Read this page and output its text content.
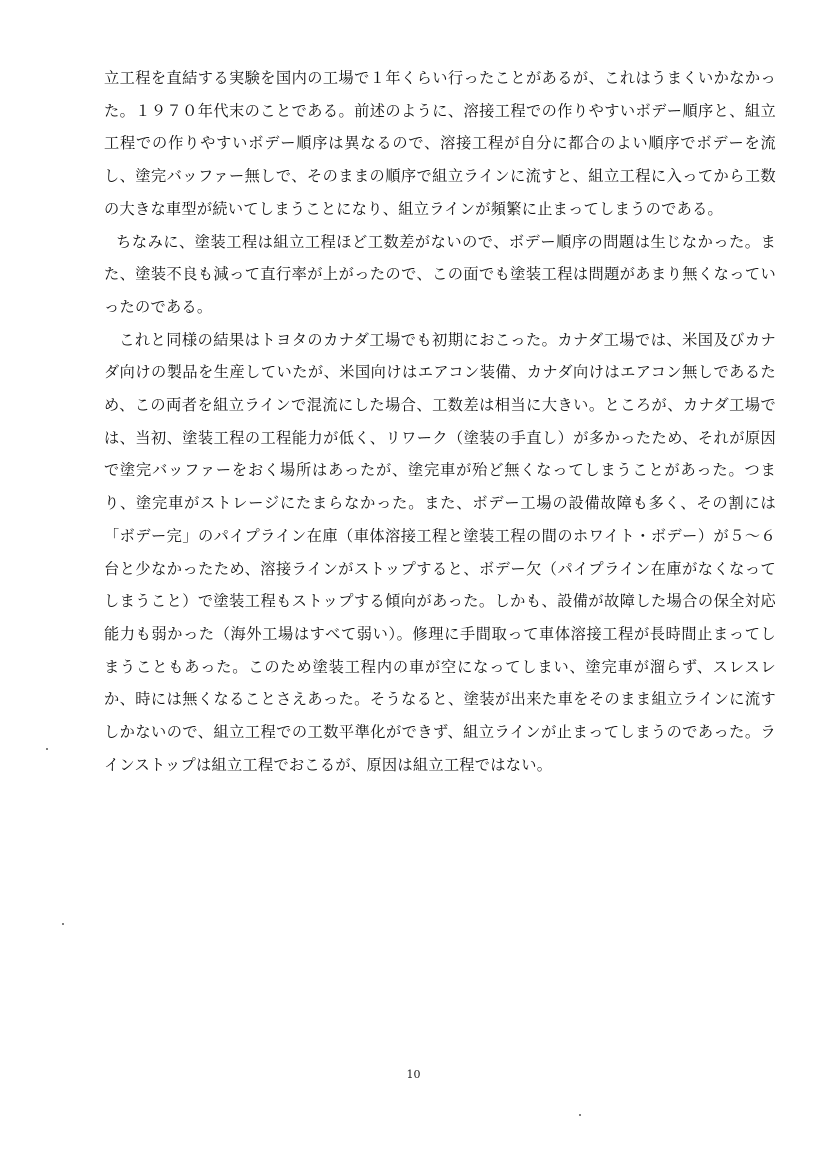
立工程を直結する実験を国内の工場で１年くらい行ったことがあるが、これはうまくいかなかった。１９７０年代末のことである。前述のように、溶接工程での作りやすいボデー順序と、組立工程での作りやすいボデー順序は異なるので、溶接工程が自分に都合のよい順序でボデーを流し、塗完バッファー無しで、そのままの順序で組立ラインに流すと、組立工程に入ってから工数の大きな車型が続いてしまうことになり、組立ラインが頻繁に止まってしまうのである。

ちなみに、塗装工程は組立工程ほど工数差がないので、ボデー順序の問題は生じなかった。また、塗装不良も減って直行率が上がったので、この面でも塗装工程は問題があまり無くなっていったのである。

これと同様の結果はトヨタのカナダ工場でも初期におこった。カナダ工場では、米国及びカナダ向けの製品を生産していたが、米国向けはエアコン装備、カナダ向けはエアコン無しであるため、この両者を組立ラインで混流にした場合、工数差は相当に大きい。ところが、カナダ工場では、当初、塗装工程の工程能力が低く、リワーク（塗装の手直し）が多かったため、それが原因で塗完バッファーをおく場所はあったが、塗完車が殆ど無くなってしまうことがあった。つまり、塗完車がストレージにたまらなかった。また、ボデー工場の設備故障も多く、その割には「ボデー完」のパイプライン在庫（車体溶接工程と塗装工程の間のホワイト・ボデー）が５～６台と少なかったため、溶接ラインがストップすると、ボデー欠（パイプライン在庫がなくなってしまうこと）で塗装工程もストップする傾向があった。しかも、設備が故障した場合の保全対応能力も弱かった（海外工場はすべて弱い）。修理に手間取って車体溶接工程が長時間止まってしまうこともあった。このため塗装工程内の車が空になってしまい、塗完車が溜らず、スレスレか、時には無くなることさえあった。そうなると、塗装が出来た車をそのまま組立ラインに流すしかないので、組立工程での工数平準化ができず、組立ラインが止まってしまうのであった。ラインストップは組立工程でおこるが、原因は組立工程ではない。

10
